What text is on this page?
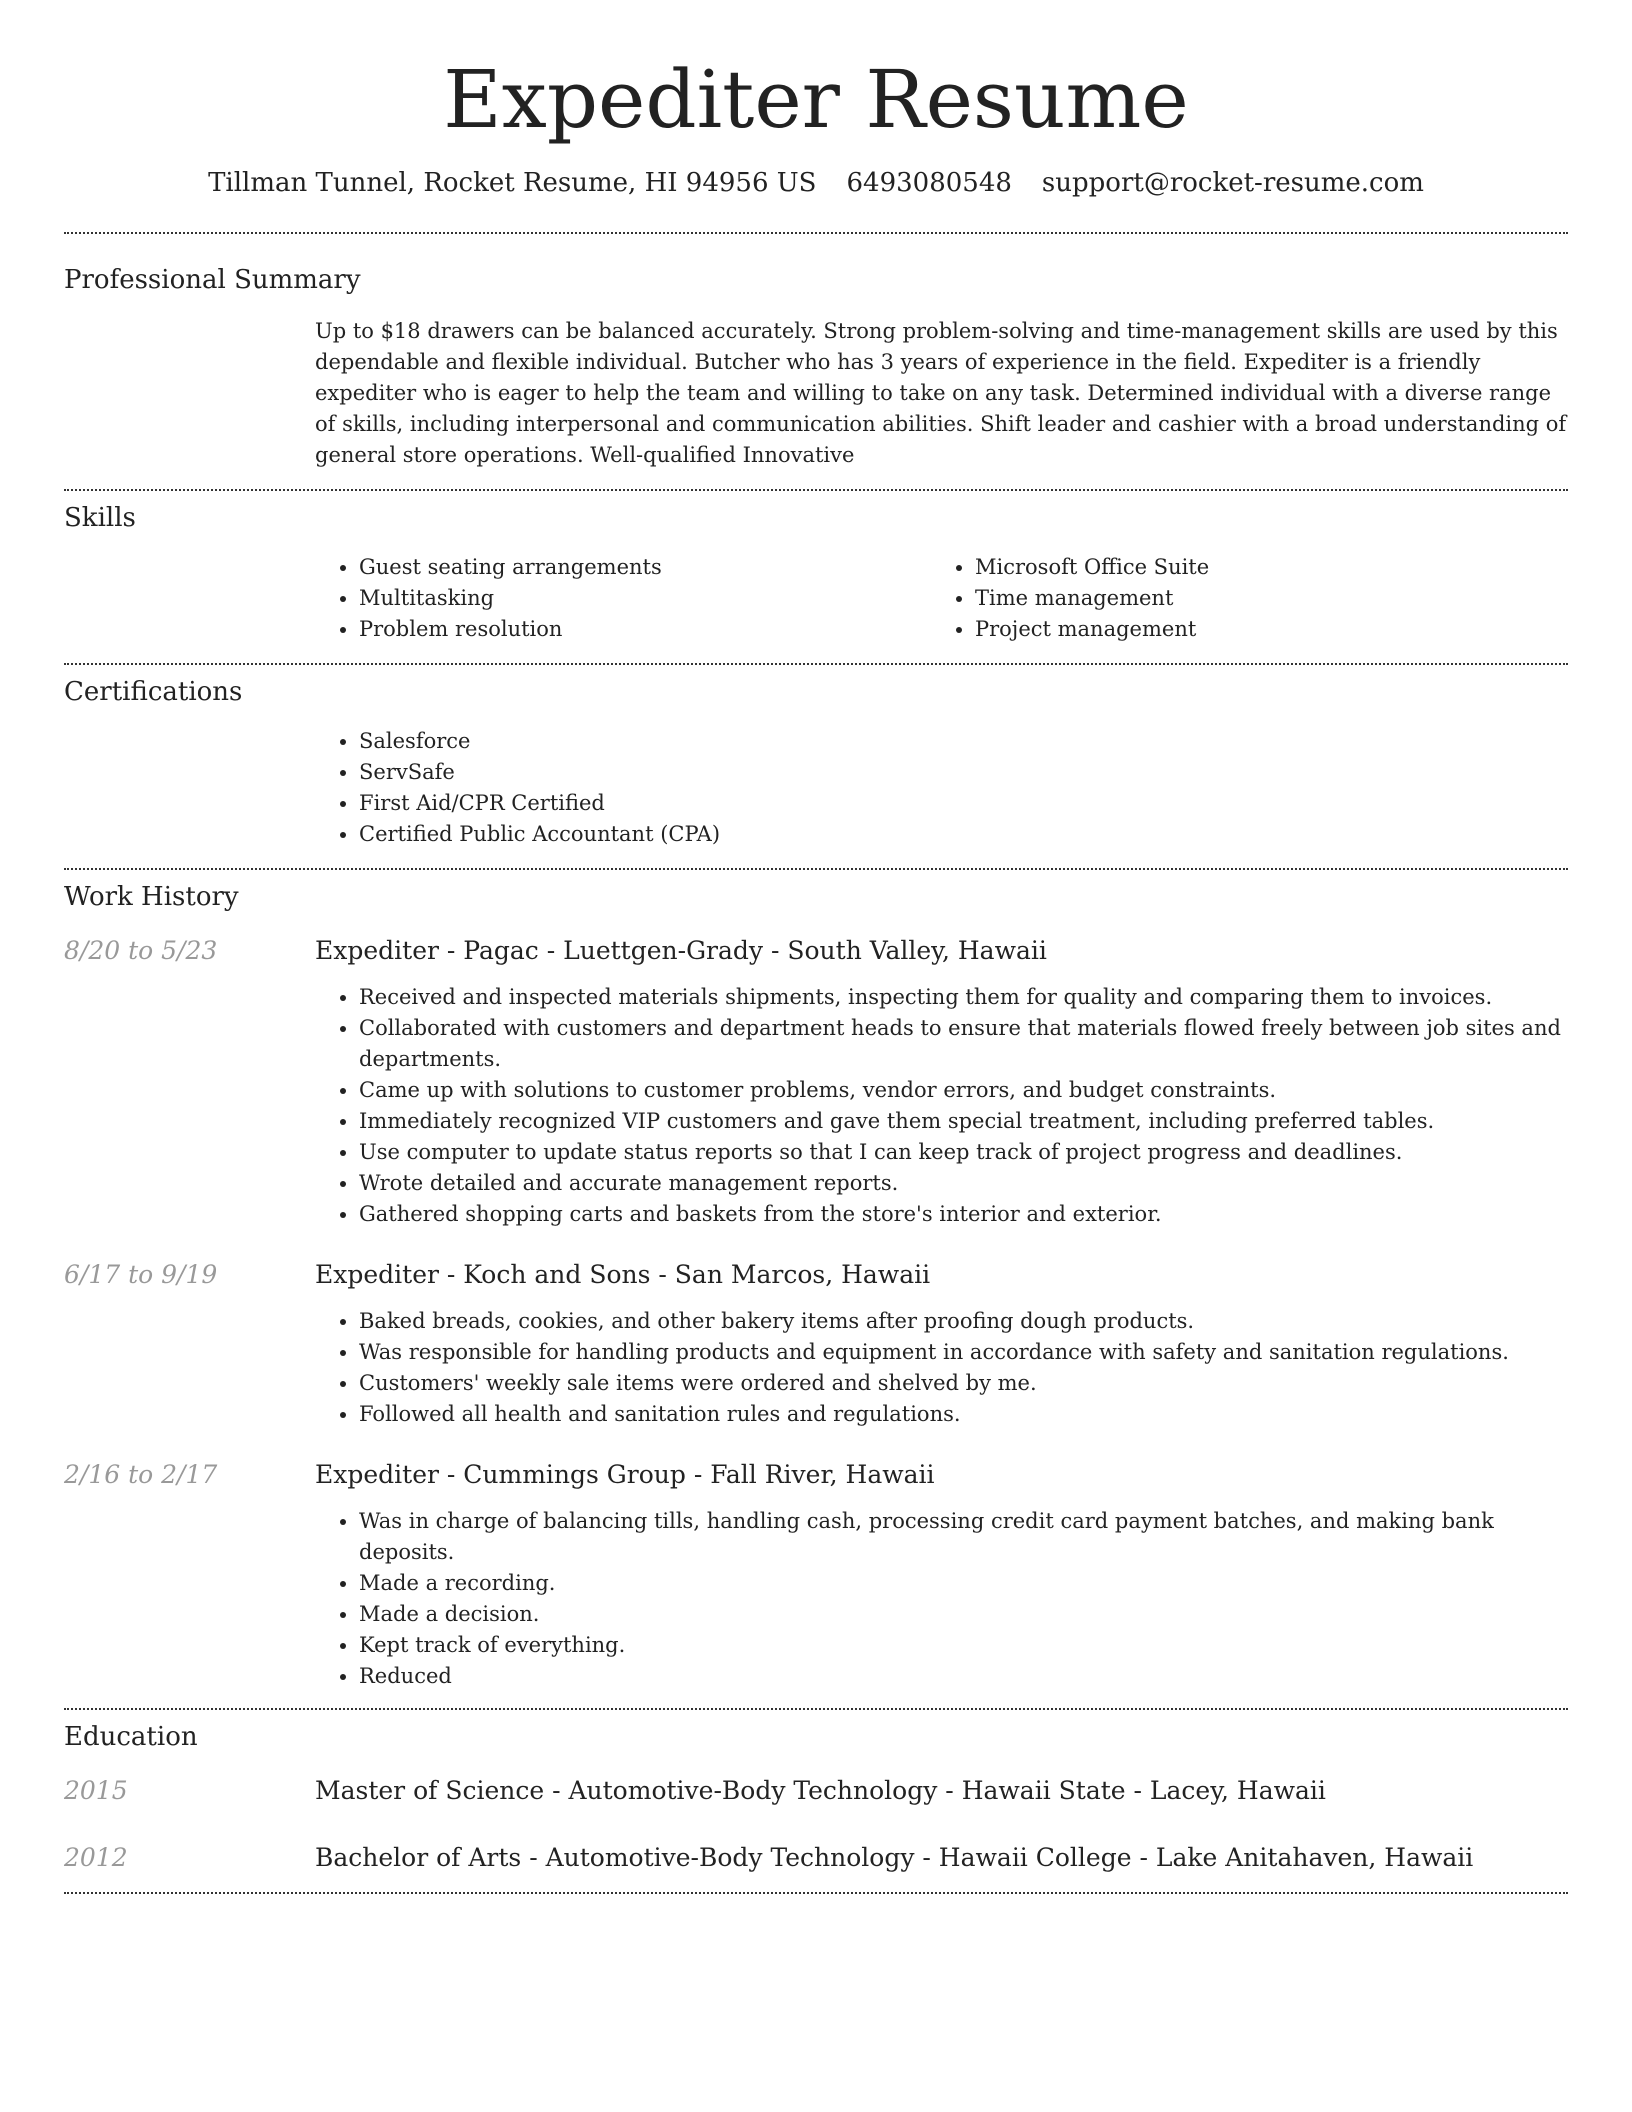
Expediter Resume
Tillman Tunnel, Rocket Resume, HI 94956 US 6493080548 support@rocket-resume.com
Professional Summary

Up to $18 drawers can be balanced accurately. Strong problem-solving and time-management skills are used by this dependable and flexible individual. Butcher who has 3 years of experience in the field. Expediter is a friendly expediter who is eager to help the team and willing to take on any task. Determined individual with a diverse range of skills, including interpersonal and communication abilities. Shift leader and cashier with a broad understanding of general store operations. Well-qualified Innovative

Skills
• Guest seating arrangements
• Multitasking
• Problem resolution
• Microsoft Office Suite
• Time management
• Project management
Certifications
• Salesforce
• ServSafe
• First Aid/CPR Certified
• Certified Public Accountant (CPA)
Work History
8/20 to 5/23	Expediter - Pagac - Luettgen-Grady - South Valley, Hawaii
• Received and inspected materials shipments, inspecting them for quality and comparing them to invoices.
• Collaborated with customers and department heads to ensure that materials flowed freely between job sites and departments.
• Came up with solutions to customer problems, vendor errors, and budget constraints.
• Immediately recognized VIP customers and gave them special treatment, including preferred tables.
• Use computer to update status reports so that I can keep track of project progress and deadlines.
• Wrote detailed and accurate management reports.
• Gathered shopping carts and baskets from the store's interior and exterior.
6/17 to 9/19	Expediter - Koch and Sons - San Marcos, Hawaii
• Baked breads, cookies, and other bakery items after proofing dough products.
• Was responsible for handling products and equipment in accordance with safety and sanitation regulations.
• Customers' weekly sale items were ordered and shelved by me.
• Followed all health and sanitation rules and regulations.
2/16 to 2/17	Expediter - Cummings Group - Fall River, Hawaii
• Was in charge of balancing tills, handling cash, processing credit card payment batches, and making bank deposits.
• Made a recording.
• Made a decision.
• Kept track of everything.
• Reduced
Education
2015	Master of Science - Automotive-Body Technology - Hawaii State - Lacey, Hawaii
2012	Bachelor of Arts - Automotive-Body Technology - Hawaii College - Lake Anitahaven, Hawaii
